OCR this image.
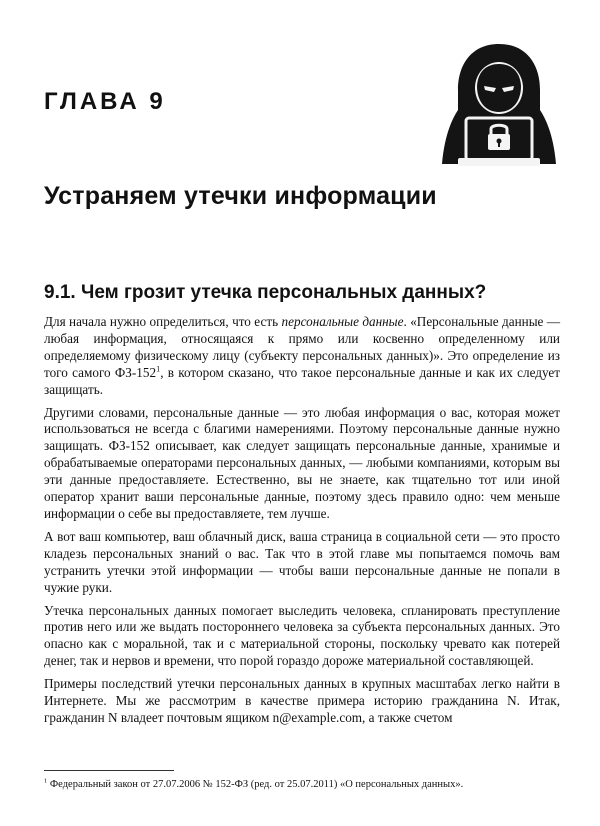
ГЛАВА 9
Устраняем утечки информации
9.1. Чем грозит утечка персональных данных?

Для начала нужно определиться, что есть персональные данные. «Персональные данные — любая информация, относящаяся к прямо или косвенно определенному или определяемому физическому лицу (субъекту персональных данных)». Это определение из того самого $ФЗ-152^1$, в котором сказано, что такое персональные данные и как их следует защищать.

Другими словами, персональные данные — это любая информация о вас, которая может использоваться не всегда с благими намерениями. Поэтому персональные данные нужно защищать. ФЗ-152 описывает, как следует защищать персональные данные, хранимые и обрабатываемые операторами персональных данных, — любыми компаниями, которым вы эти данные предоставляете. Естественно, вы не знаете, как тщательно тот или иной оператор хранит ваши персональные данные, поэтому здесь правило одно: чем меньше информации о себе вы предоставляете, тем лучше.

А вот ваш компьютер, ваш облачный диск, ваша страница в социальной сети — это просто кладезь персональных знаний о вас. Так что в этой главе мы попытаемся помочь вам устранить утечки этой информации — чтобы ваши персональные данные не попали в чужие руки.

Утечка персональных данных помогает выследить человека, спланировать преступление против него или же выдать постороннего человека за субъекта персональных данных. Это опасно как с моральной, так и с материальной стороны, поскольку чревато как потерей денег, так и нервов и времени, что порой гораздо дороже материальной составляющей.

Примеры последствий утечки персональных данных в крупных масштабах легко найти в Интернете. Мы же рассмотрим в качестве примера историю гражданина N. Итак, гражданин N владеет почтовым ящиком n@example.com, а также счетом

$^1$ Федеральный закон от 27.07.2006 № 152-ФЗ (ред. от 25.07.2011) «О персональных данных».
